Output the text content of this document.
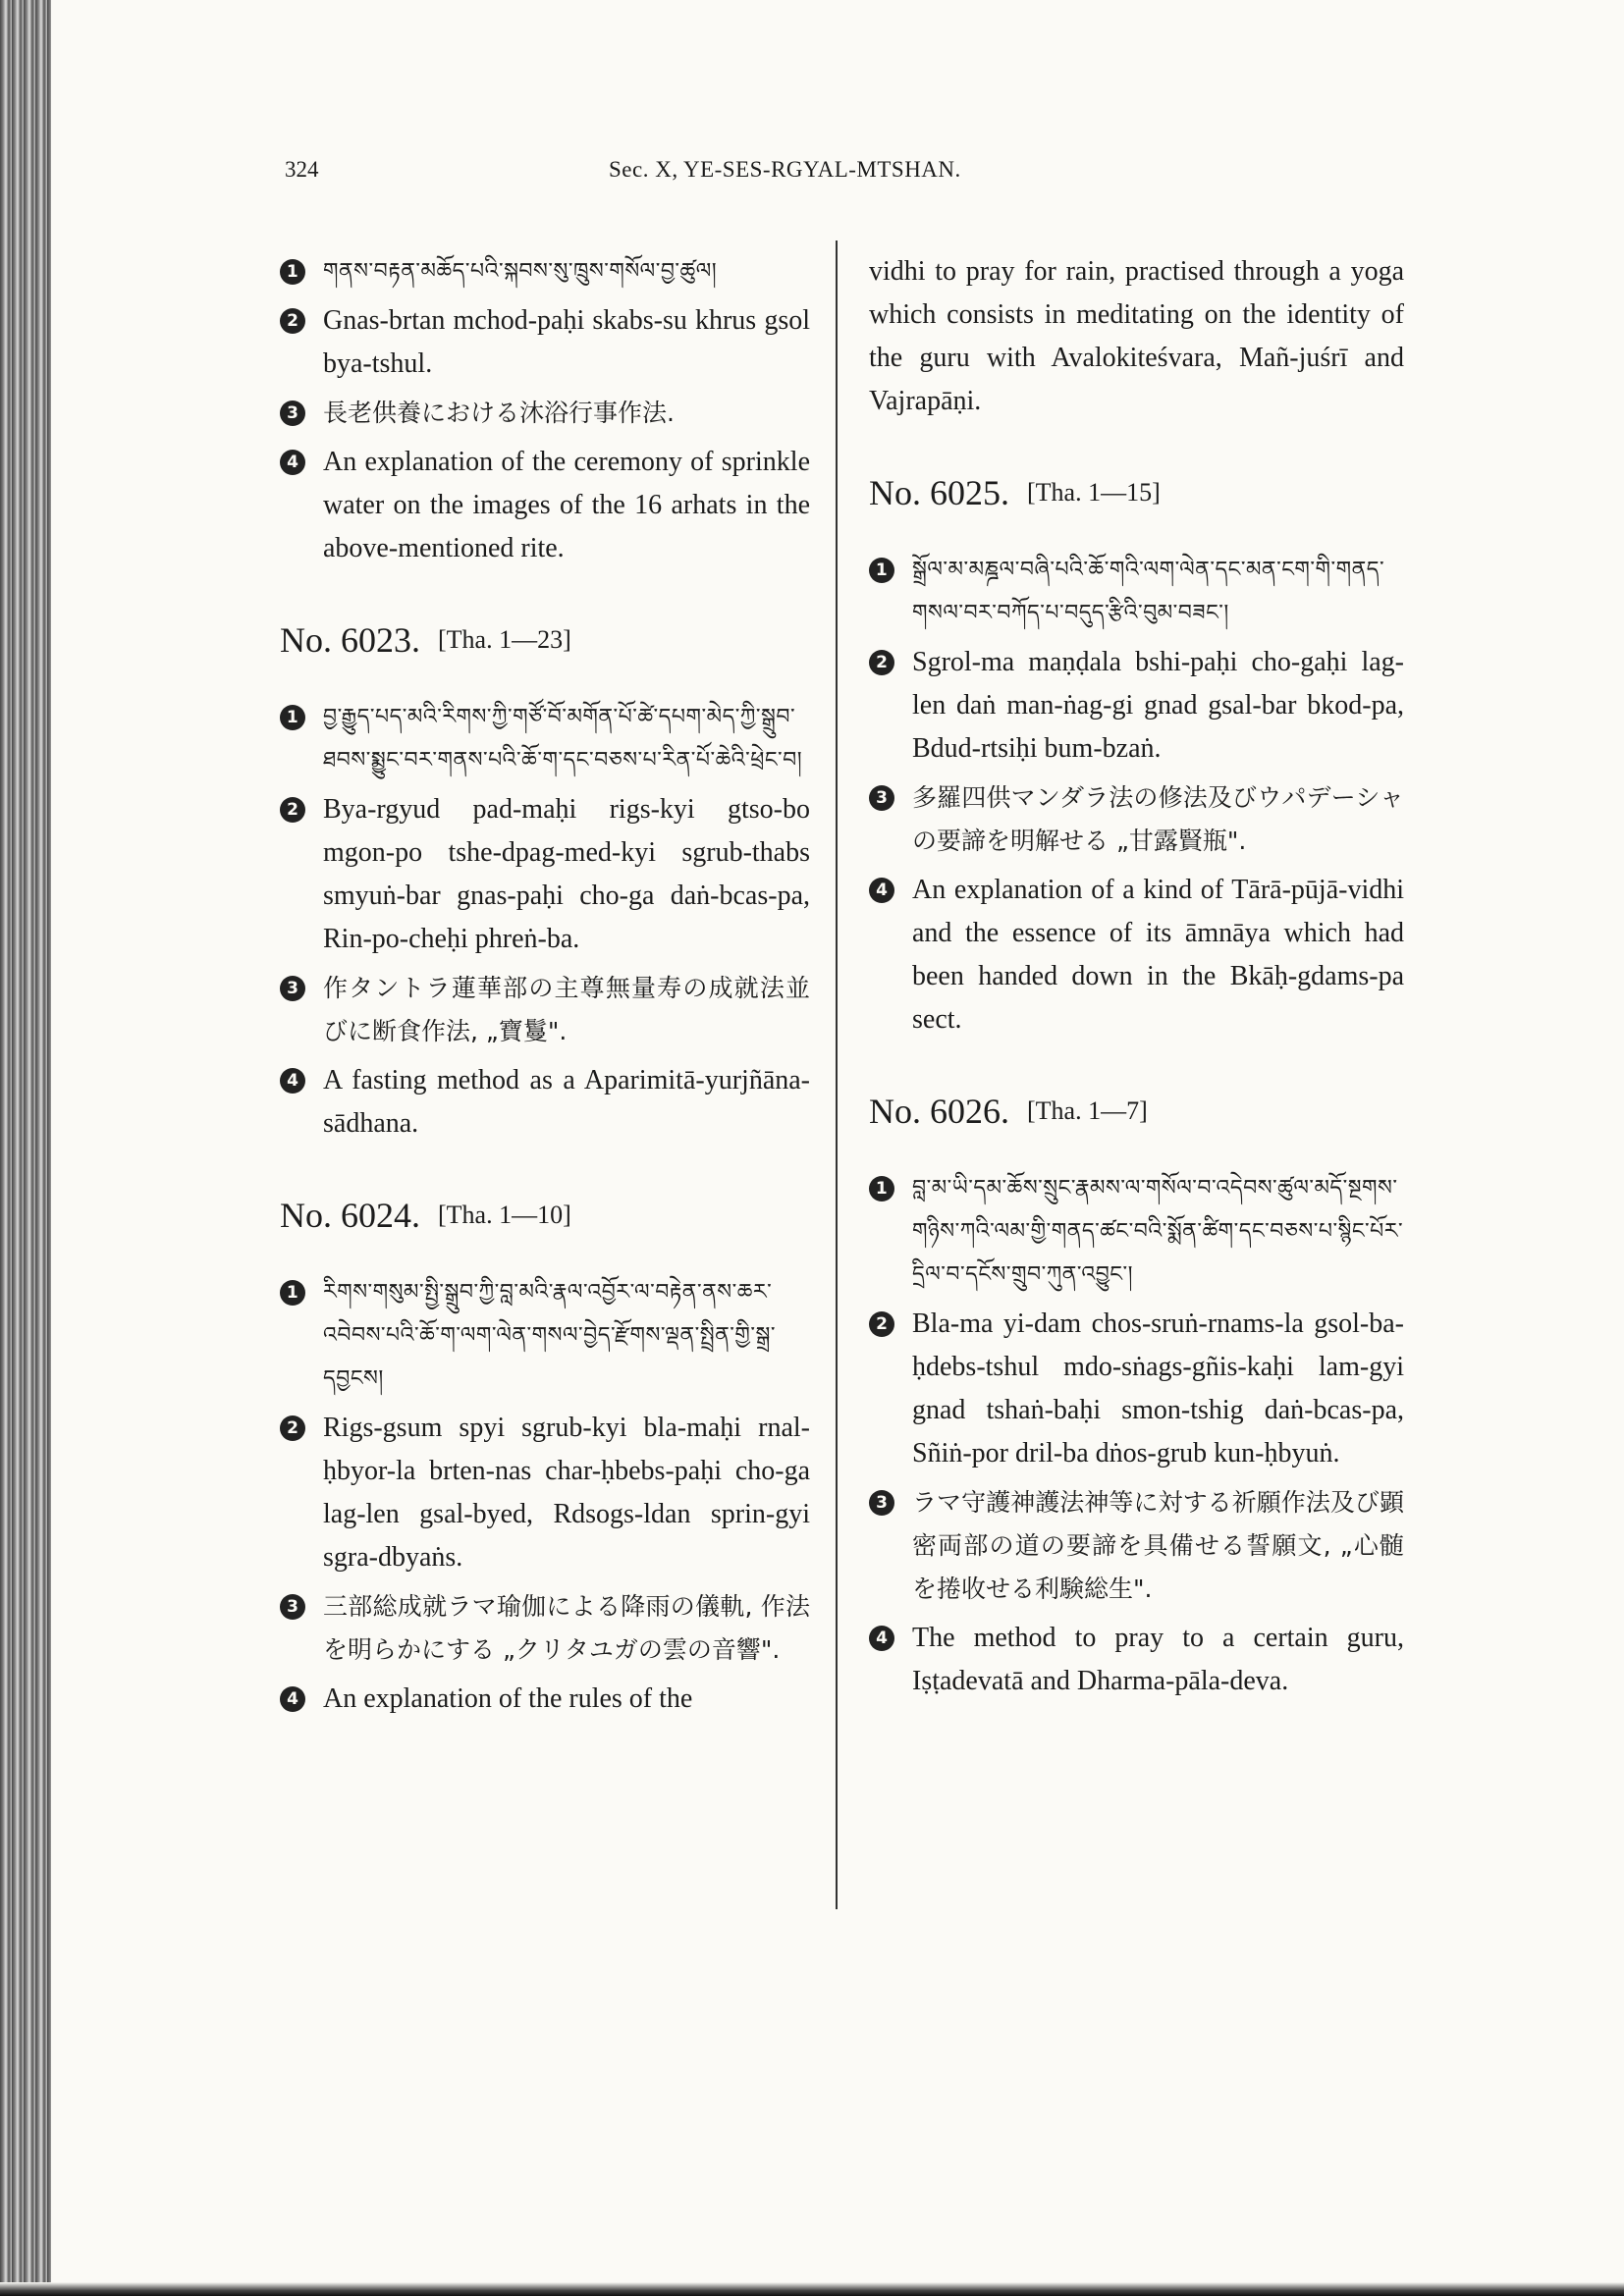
324	Sec. X, YE-SES-RGYAL-MTSHAN.
1	གནས་བརྟན་མཆོད་པའི་སྐབས་སུ་ཁྲུས་གསོལ་བྱ་ཚུལ།
2 Gnas-brtan mchod-paḥi skabs-su khrus gsol bya-tshul.
3 長老供養における沐浴行事作法.
4 An explanation of the ceremony of sprinkle water on the images of the 16 arhats in the above-mentioned rite.
No. 6023. [Tha. 1—23]
1	བྱ་རྒྱུད་པད་མའི་རིགས་ཀྱི་གཙོ་བོ་མགོན་པོ་ཚེ་དཔག་མེད་ཀྱི་སྒྲུབ་ཐབས་སྨྱུང་བར་གནས་པའི་ཆོ་ག་དང་བཅས་པ་རིན་པོ་ཆེའི་ཕྲེང་བ།
2 Bya-rgyud pad-maḥi rigs-kyi gtso-bo mgon-po tshe-dpag-med-kyi sgrub-thabs smyuṅ-bar gnas-paḥi cho-ga daṅ-bcas-pa, Rin-po-cheḥi phreṅ-ba.
3 作タントラ蓮華部の主尊無量寿の成就法並びに断食作法, „寶鬘".
4 A fasting method as a Aparimitā-yurjñāna-sādhana.
No. 6024. [Tha. 1—10]
1	རིགས་གསུམ་སྤྱི་སྒྲུབ་ཀྱི་བླ་མའི་རྣལ་འབྱོར་ལ་བརྟེན་ནས་ཆར་འབེབས་པའི་ཆོ་ག་ལག་ལེན་གསལ་བྱེད་རྫོགས་ལྡན་སྤྲིན་གྱི་སྒྲ་དབྱངས།
2 Rigs-gsum spyi sgrub-kyi bla-maḥi rnal-ḥbyor-la brten-nas char-ḥbebs-paḥi cho-ga lag-len gsal-byed, Rdsogs-ldan sprin-gyi sgra-dbyaṅs.
3 三部総成就ラマ瑜伽による降雨の儀軌, 作法を明らかにする „クリタユガの雲の音響".
4 An explanation of the rules of the
vidhi to pray for rain, practised through a yoga which consists in meditating on the identity of the guru with Avalokiteśvara, Mañ-juśrī and Vajrapāṇi.
No. 6025. [Tha. 1—15]
1	སྒྲོལ་མ་མཎྜལ་བཞི་པའི་ཆོ་གའི་ལག་ལེན་དང་མན་ངག་གི་གནད་གསལ་བར་བཀོད་པ་བདུད་རྩིའི་བུམ་བཟང་།
2 Sgrol-ma maṇḍala bshi-paḥi cho-gaḥi lag-len daṅ man-ṅag-gi gnad gsal-bar bkod-pa, Bdud-rtsiḥi bum-bzaṅ.
3 多羅四供マンダラ法の修法及びウパデーシャの要諦を明解せる „甘露賢瓶".
4 An explanation of a kind of Tārā-pūjā-vidhi and the essence of its āmnāya which had been handed down in the Bkāḥ-gdams-pa sect.
No. 6026. [Tha. 1—7]
1	བླ་མ་ཡི་དམ་ཆོས་སྲུང་རྣམས་ལ་གསོལ་བ་འདེབས་ཚུལ་མདོ་སྔགས་གཉིས་ཀའི་ལམ་གྱི་གནད་ཚང་བའི་སྨོན་ཚིག་དང་བཅས་པ་སྙིང་པོར་དྲིལ་བ་དངོས་གྲུབ་ཀུན་འབྱུང་།
2 Bla-ma yi-dam chos-sruṅ-rnams-la gsol-ba-ḥdebs-tshul mdo-sṅags-gñis-kaḥi lam-gyi gnad tshaṅ-baḥi smon-tshig daṅ-bcas-pa, Sñiṅ-por dril-ba dṅos-grub kun-ḥbyuṅ.
3 ラマ守護神護法神等に対する祈願作法及び顕密両部の道の要諦を具備せる誓願文, „心髄を捲收せる利験総生".
4 The method to pray to a certain guru, Iṣṭadevatā and Dharma-pāla-deva.
